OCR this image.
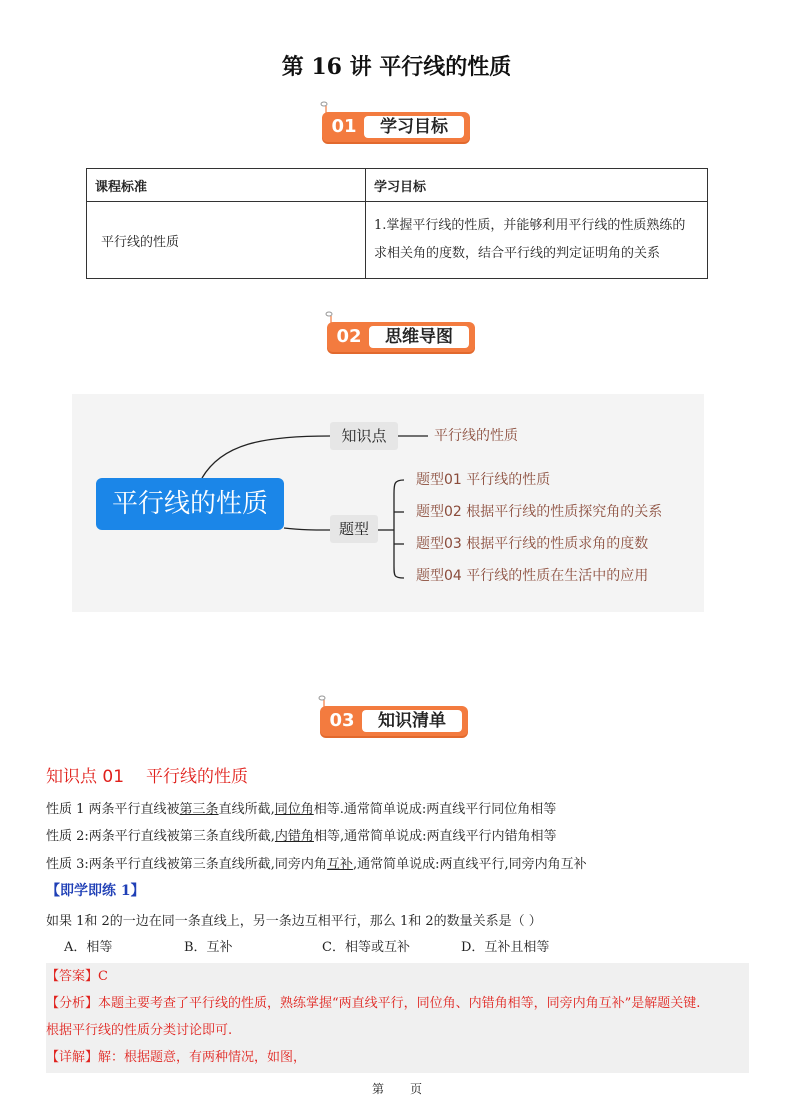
第 16 讲 平行线的性质
01	学习目标
课程标准	学习目标
平行线的性质	1.掌握平行线的性质，并能够利用平行线的性质熟练的
求相关角的度数，结合平行线的判定证明角的关系
02	思维导图
平行线的性质
知识点	平行线的性质
题型
题型01 平行线的性质
题型02 根据平行线的性质探究角的关系
题型03 根据平行线的性质求角的度数
题型04 平行线的性质在生活中的应用
03	知识清单
知识点 01 平行线的性质
性质 1 两条平行直线被第三条直线所截,同位角相等.通常简单说成:两直线平行同位角相等
性质 2:两条平行直线被第三条直线所截,内错角相等,通常简单说成:两直线平行内错角相等
性质 3:两条平行直线被第三条直线所截,同旁内角互补,通常简单说成:两直线平行,同旁内角互补
【即学即练 1】
如果 1和 2的一边在同一条直线上，另一条边互相平行，那么 1和 2的数量关系是（ ）
A．相等	B．互补	C．相等或互补	D．互补且相等
【答案】C
【分析】本题主要考查了平行线的性质，熟练掌握“两直线平行，同位角、内错角相等，同旁内角互补”是解题关键.
根据平行线的性质分类讨论即可.
【详解】解：根据题意，有两种情况，如图，
第 页
